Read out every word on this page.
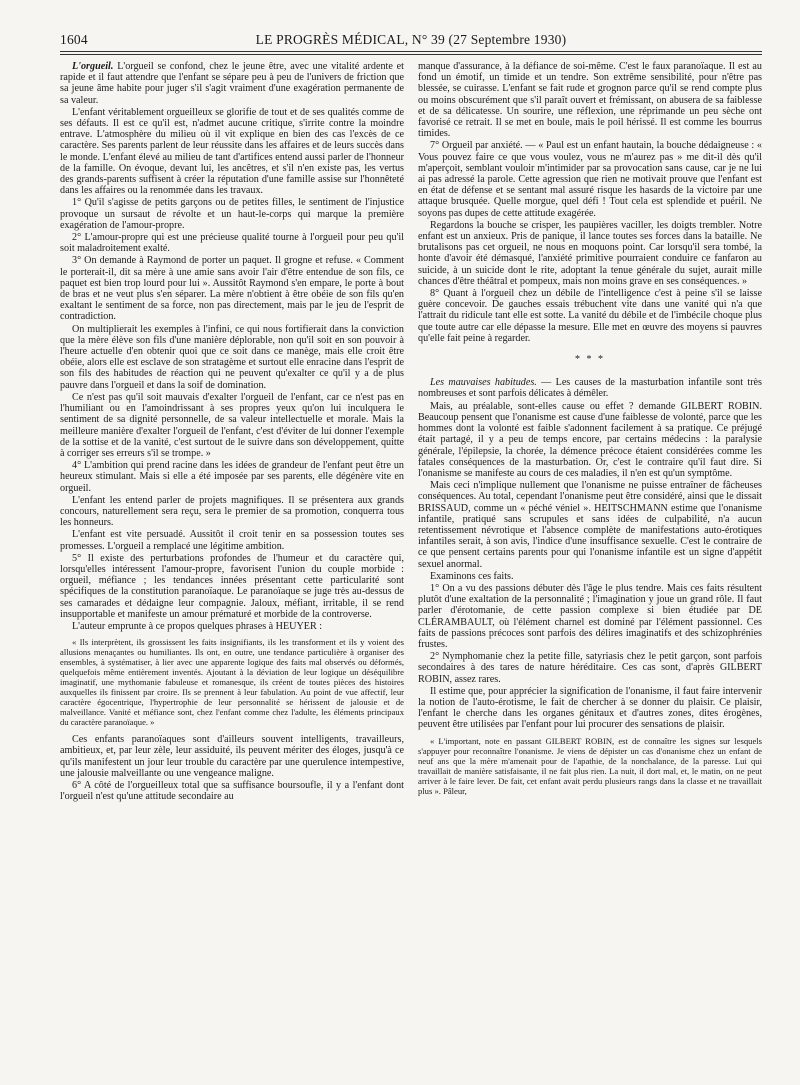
1604	LE PROGRÈS MÉDICAL, N° 39 (27 Septembre 1930)

L'orgueil. L'orgueil se confond, chez le jeune être, avec une vitalité ardente et rapide et il faut attendre que l'enfant se sépare peu à peu de l'univers de friction que sa jeune âme habite pour juger s'il s'agit vraiment d'une exagération permanente de sa valeur.

L'enfant véritablement orgueilleux se glorifie de tout et de ses qualités comme de ses défauts. Il est ce qu'il est, n'admet aucune critique, s'irrite contre la moindre entrave. L'atmosphère du milieu où il vit explique en bien des cas l'excès de ce caractère. Ses parents parlent de leur réussite dans les affaires et de leurs succès dans le monde. L'enfant élevé au milieu de tant d'artifices entend aussi parler de l'honneur de la famille. On évoque, devant lui, les ancêtres, et s'il n'en existe pas, les vertus des grands-parents suffisent à créer la réputation d'une famille assise sur l'honnêteté dans les affaires ou la renommée dans les travaux.

1° Qu'il s'agisse de petits garçons ou de petites filles, le sentiment de l'injustice provoque un sursaut de révolte et un haut-le-corps qui marque la première exagération de l'amour-propre.

2° L'amour-propre qui est une précieuse qualité tourne à l'orgueil pour peu qu'il soit maladroitement exalté.

3° On demande à Raymond de porter un paquet. Il grogne et refuse. « Comment le porterait-il, dit sa mère à une amie sans avoir l'air d'être entendue de son fils, ce paquet est bien trop lourd pour lui ». Aussitôt Raymond s'en empare, le porte à bout de bras et ne veut plus s'en séparer. La mère n'obtient à être obéie de son fils qu'en exaltant le sentiment de sa force, non pas directement, mais par le jeu de l'esprit de contradiction.

On multiplierait les exemples à l'infini, ce qui nous fortifierait dans la conviction que la mère élève son fils d'une manière déplorable, non qu'il soit en son pouvoir à l'heure actuelle d'en obtenir quoi que ce soit dans ce manège, mais elle croit être obéie, alors elle est esclave de son stratagème et surtout elle enracine dans l'esprit de son fils des habitudes de réaction qui ne peuvent qu'exalter ce qu'il y a de plus pauvre dans l'orgueil et dans la soif de domination.

Ce n'est pas qu'il soit mauvais d'exalter l'orgueil de l'enfant, car ce n'est pas en l'humiliant ou en l'amoindrissant à ses propres yeux qu'on lui inculquera le sentiment de sa dignité personnelle, de sa valeur intellectuelle et morale. Mais la meilleure manière d'exalter l'orgueil de l'enfant, c'est d'éviter de lui donner l'exemple de la sottise et de la vanité, c'est surtout de le suivre dans son développement, quitte à corriger ses erreurs s'il se trompe. »

4° L'ambition qui prend racine dans les idées de grandeur de l'enfant peut être un heureux stimulant. Mais si elle a été imposée par ses parents, elle dégénère vite en orgueil.

L'enfant les entend parler de projets magnifiques. Il se présentera aux grands concours, naturellement sera reçu, sera le premier de sa promotion, conquerra tous les honneurs.

L'enfant est vite persuadé. Aussitôt il croit tenir en sa possession toutes ses promesses. L'orgueil a remplacé une légitime ambition.

5° Il existe des perturbations profondes de l'humeur et du caractère qui, lorsqu'elles intéressent l'amour-propre, favorisent l'union du couple morbide : orgueil, méfiance ; les tendances innées présentant cette particularité sont spécifiques de la constitution paranoïaque. Le paranoïaque se juge très au-dessus de ses camarades et dédaigne leur compagnie. Jaloux, méfiant, irritable, il se rend insupportable et manifeste un amour prématuré et morbide de la controverse.

L'auteur emprunte à ce propos quelques phrases à HEUYER :

« Ils interprètent, ils grossissent les faits insignifiants, ils les transforment et ils y voient des allusions menaçantes ou humiliantes. Ils ont, en outre, une tendance particulière à organiser des ensembles, à systématiser, à lier avec une apparente logique des faits mal observés ou déformés, quelquefois même entièrement inventés. Ajoutant à la déviation de leur logique un déséquilibre imaginatif, une mythomanie fabuleuse et romanesque, ils créent de toutes pièces des histoires auxquelles ils finissent par croire. Ils se prennent à leur fabulation. Au point de vue affectif, leur caractère égocentrique, l'hypertrophie de leur personnalité se hérissent de jalousie et de malveillance. Vanité et méfiance sont, chez l'enfant comme chez l'adulte, les éléments principaux du caractère paranoïaque. »

Ces enfants paranoïaques sont d'ailleurs souvent intelligents, travailleurs, ambitieux, et, par leur zèle, leur assiduité, ils peuvent mériter des éloges, jusqu'à ce qu'ils manifestent un jour leur trouble du caractère par une querulence intempestive, une jalousie malveillante ou une vengeance maligne.

6° A côté de l'orgueilleux total que sa suffisance boursoufle, il y a l'enfant dont l'orgueil n'est qu'une attitude secondaire au

manque d'assurance, à la défiance de soi-même. C'est le faux paranoïaque. Il est au fond un émotif, un timide et un tendre. Son extrême sensibilité, pour n'être pas blessée, se cuirasse. L'enfant se fait rude et grognon parce qu'il se rend compte plus ou moins obscurément que s'il paraît ouvert et frémissant, on abusera de sa faiblesse et de sa délicatesse. Un sourire, une réflexion, une réprimande un peu sèche ont favorisé ce retrait. Il se met en boule, mais le poil hérissé. Il est comme les bourrus timides.

7° Orgueil par anxiété. — « Paul est un enfant hautain, la bouche dédaigneuse : « Vous pouvez faire ce que vous voulez, vous ne m'aurez pas » me dit-il dès qu'il m'aperçoit, semblant vouloir m'intimider par sa provocation sans cause, car je ne lui ai pas adressé la parole. Cette agression que rien ne motivait prouve que l'enfant est en état de défense et se sentant mal assuré risque les hasards de la victoire par une attaque brusquée. Quelle morgue, quel défi ! Tout cela est splendide et puéril. Ne soyons pas dupes de cette attitude exagérée.

Regardons la bouche se crisper, les paupières vaciller, les doigts trembler. Notre enfant est un anxieux. Pris de panique, il lance toutes ses forces dans la bataille. Ne brutalisons pas cet orgueil, ne nous en moquons point. Car lorsqu'il sera tombé, la honte d'avoir été démasqué, l'anxiété primitive pourraient conduire ce fanfaron au suicide, à un suicide dont le rite, adoptant la tenue générale du sujet, aurait mille chances d'être théâtral et pompeux, mais non moins grave en ses conséquences. »

8° Quant à l'orgueil chez un débile de l'intelligence c'est à peine s'il se laisse guère concevoir. De gauches essais trébuchent vite dans une vanité qui n'a que l'attrait du ridicule tant elle est sotte. La vanité du débile et de l'imbécile choque plus que toute autre car elle dépasse la mesure. Elle met en œuvre des moyens si pauvres qu'elle fait peine à regarder.

* * *

Les mauvaises habitudes. — Les causes de la masturbation infantile sont très nombreuses et sont parfois délicates à démêler.

Mais, au préalable, sont-elles cause ou effet ? demande GILBERT ROBIN. Beaucoup pensent que l'onanisme est cause d'une faiblesse de volonté, parce que les hommes dont la volonté est faible s'adonnent facilement à sa pratique. Ce préjugé était partagé, il y a peu de temps encore, par certains médecins : la paralysie générale, l'épilepsie, la chorée, la démence précoce étaient considérées comme les fatales conséquences de la masturbation. Or, c'est le contraire qu'il faut dire. Si l'onanisme se manifeste au cours de ces maladies, il n'en est qu'un symptôme.

Mais ceci n'implique nullement que l'onanisme ne puisse entraîner de fâcheuses conséquences. Au total, cependant l'onanisme peut être considéré, ainsi que le dissait BRISSAUD, comme un « péché véniel ». HEITSCHMANN estime que l'onanisme infantile, pratiqué sans scrupules et sans idées de culpabilité, n'a aucun retentissement névrotique et l'absence complète de manifestations auto-érotiques infantiles serait, à son avis, l'indice d'une insuffisance sexuelle. C'est le contraire de ce que pensent certains parents pour qui l'onanisme infantile est un signe d'appétit sexuel anormal.

Examinons ces faits.

1° On a vu des passions débuter dès l'âge le plus tendre. Mais ces faits résultent plutôt d'une exaltation de la personnalité ; l'imagination y joue un grand rôle. Il faut parler d'érotomanie, de cette passion complexe si bien étudiée par DE CLÉRAMBAULT, où l'élément charnel est dominé par l'élément passionnel. Ces faits de passions précoces sont parfois des délires imaginatifs et des schizophrénies frustes.

2° Nymphomanie chez la petite fille, satyriasis chez le petit garçon, sont parfois secondaires à des tares de nature héréditaire. Ces cas sont, d'après GILBERT ROBIN, assez rares.

Il estime que, pour apprécier la signification de l'onanisme, il faut faire intervenir la notion de l'auto-érotisme, le fait de chercher à se donner du plaisir. Ce plaisir, l'enfant le cherche dans les organes génitaux et d'autres zones, dites érogènes, peuvent être utilisées par l'enfant pour lui procurer des sensations de plaisir.

« L'important, note en passant GILBERT ROBIN, est de connaître les signes sur lesquels s'appuyer pour reconnaître l'onanisme. Je viens de dépister un cas d'onanisme chez un enfant de neuf ans que la mère m'amenait pour de l'apathie, de la nonchalance, de la paresse. Lui qui travaillait de manière satisfaisante, il ne fait plus rien. La nuit, il dort mal, et, le matin, on ne peut arriver à le faire lever. De fait, cet enfant avait perdu plusieurs rangs dans la classe et ne travaillait plus ». Pâleur,
